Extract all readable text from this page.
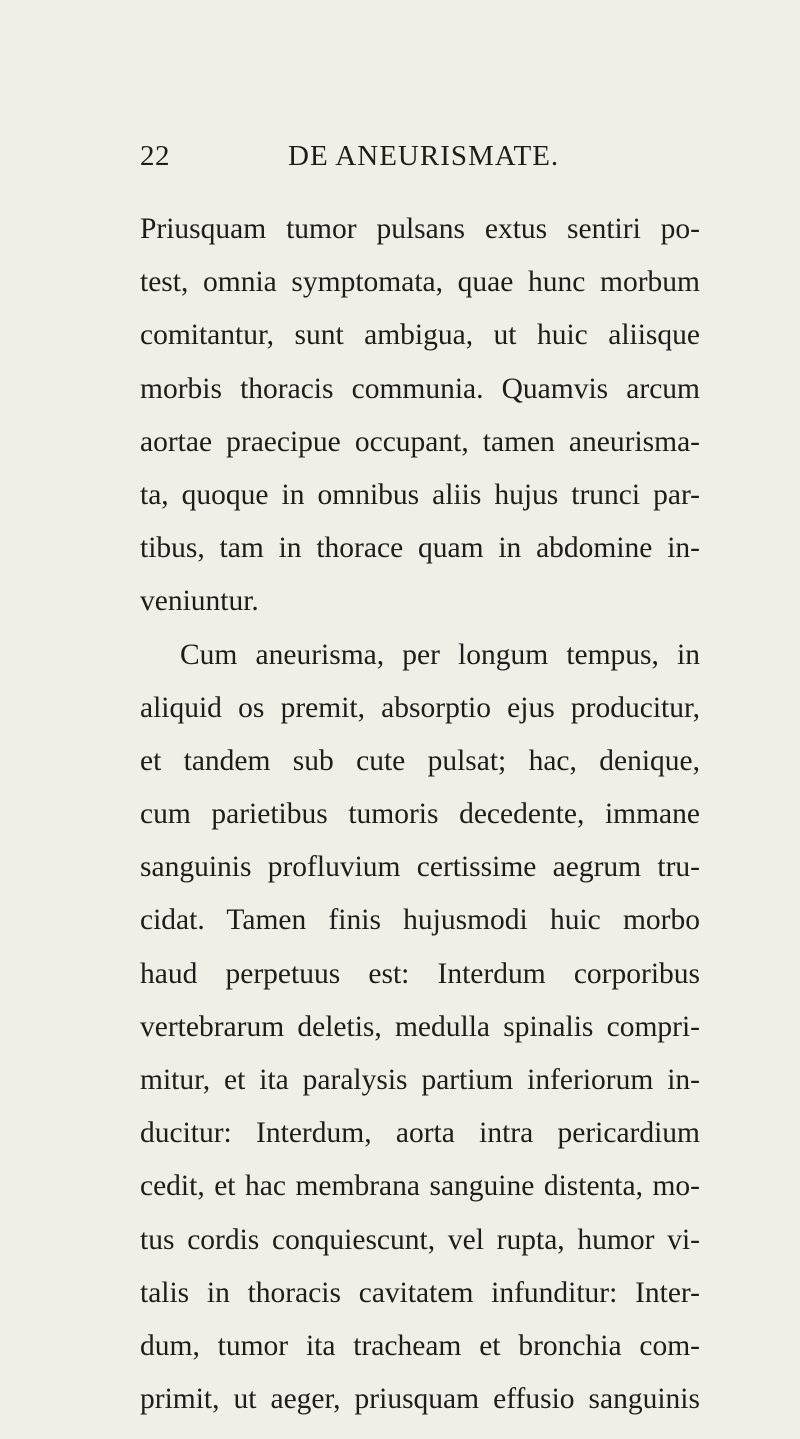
22	DE ANEURISMATE.
Priusquam tumor pulsans extus sentiri po-
test, omnia symptomata, quae hunc morbum
comitantur, sunt ambigua, ut huic aliisque
morbis thoracis communia. Quamvis arcum
aortae praecipue occupant, tamen aneurisma-
ta, quoque in omnibus aliis hujus trunci par-
tibus, tam in thorace quam in abdomine in-
veniuntur.
Cum aneurisma, per longum tempus, in
aliquid os premit, absorptio ejus producitur,
et tandem sub cute pulsat; hac, denique,
cum parietibus tumoris decedente, immane
sanguinis profluvium certissime aegrum tru-
cidat. Tamen finis hujusmodi huic morbo
haud perpetuus est: Interdum corporibus
vertebrarum deletis, medulla spinalis compri-
mitur, et ita paralysis partium inferiorum in-
ducitur: Interdum, aorta intra pericardium
cedit, et hac membrana sanguine distenta, mo-
tus cordis conquiescunt, vel rupta, humor vi-
talis in thoracis cavitatem infunditur: Inter-
dum, tumor ita tracheam et bronchia com-
primit, ut aeger, priusquam effusio sanguinis
